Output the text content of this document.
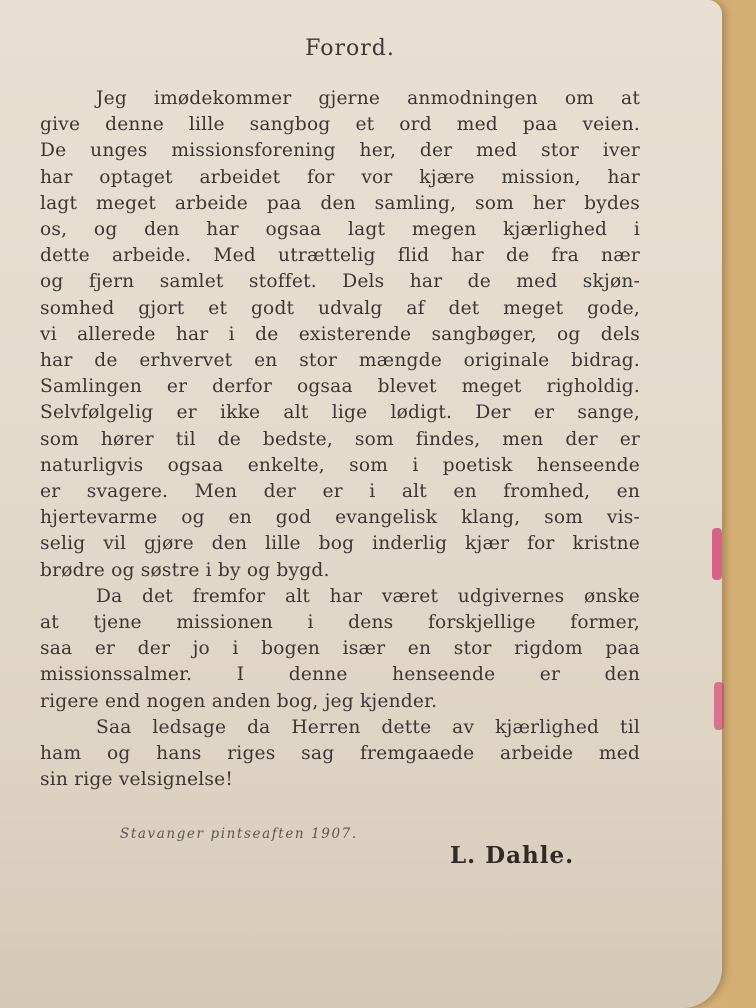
Forord.
Jeg imødekommer gjerne anmodningen om at
give denne lille sangbog et ord med paa veien.
De unges missionsforening her, der med stor iver
har optaget arbeidet for vor kjære mission, har
lagt meget arbeide paa den samling, som her bydes
os, og den har ogsaa lagt megen kjærlighed i
dette arbeide. Med utrættelig flid har de fra nær
og fjern samlet stoffet. Dels har de med skjøn-
somhed gjort et godt udvalg af det meget gode,
vi allerede har i de existerende sangbøger, og dels
har de erhvervet en stor mængde originale bidrag.
Samlingen er derfor ogsaa blevet meget righoldig.
Selvfølgelig er ikke alt lige lødigt. Der er sange,
som hører til de bedste, som findes, men der er
naturligvis ogsaa enkelte, som i poetisk henseende
er svagere. Men der er i alt en fromhed, en
hjertevarme og en god evangelisk klang, som vis-
selig vil gjøre den lille bog inderlig kjær for kristne
brødre og søstre i by og bygd.
Da det fremfor alt har været udgivernes ønske
at tjene missionen i dens forskjellige former,
saa er der jo i bogen især en stor rigdom paa
missionssalmer. I denne henseende er den
rigere end nogen anden bog, jeg kjender.
Saa ledsage da Herren dette av kjærlighed til
ham og hans riges sag fremgaaede arbeide med
sin rige velsignelse!
Stavanger pintseaften 1907.
L. Dahle.
